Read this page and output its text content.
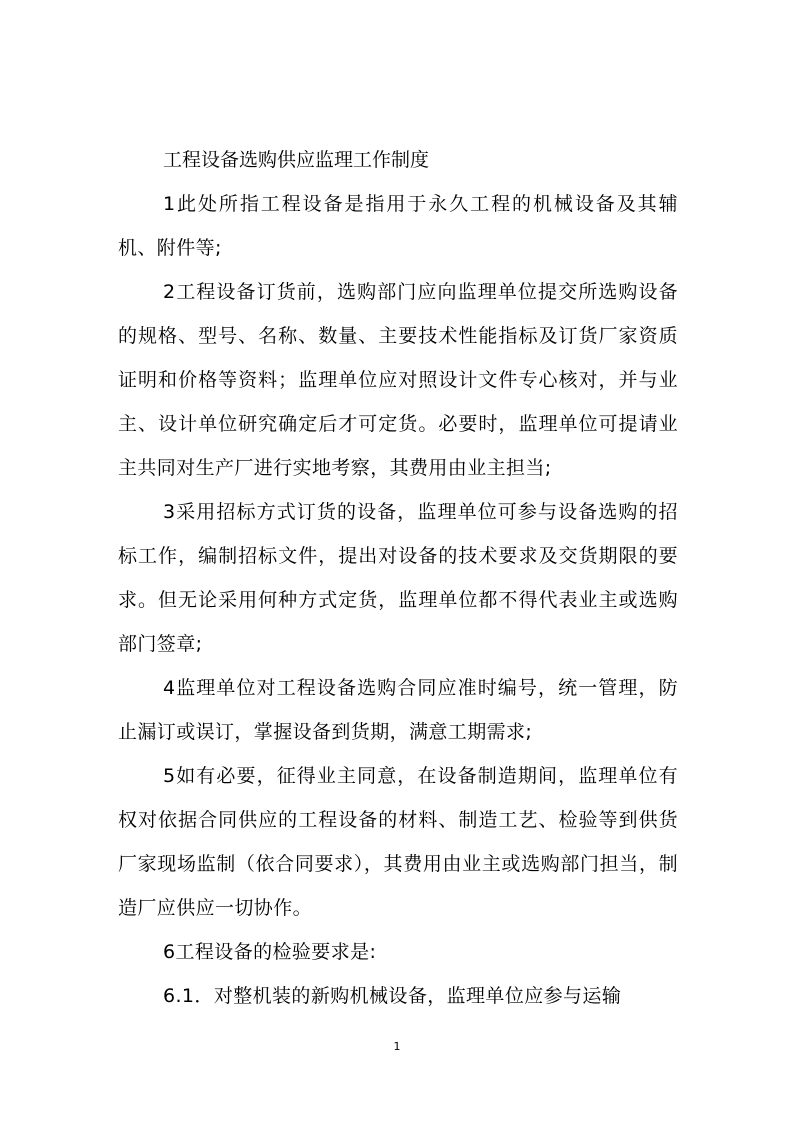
工程设备选购供应监理工作制度

1此处所指工程设备是指用于永久工程的机械设备及其辅机、附件等;

2工程设备订货前，选购部门应向监理单位提交所选购设备的规格、型号、名称、数量、主要技术性能指标及订货厂家资质证明和价格等资料；监理单位应对照设计文件专心核对，并与业主、设计单位研究确定后才可定货。必要时，监理单位可提请业主共同对生产厂进行实地考察，其费用由业主担当;

3采用招标方式订货的设备，监理单位可参与设备选购的招标工作，编制招标文件，提出对设备的技术要求及交货期限的要求。但无论采用何种方式定货，监理单位都不得代表业主或选购部门签章;

4监理单位对工程设备选购合同应准时编号，统一管理，防止漏订或误订，掌握设备到货期，满意工期需求;

5如有必要，征得业主同意，在设备制造期间，监理单位有权对依据合同供应的工程设备的材料、制造工艺、检验等到供货厂家现场监制（依合同要求），其费用由业主或选购部门担当，制造厂应供应一切协作。

6工程设备的检验要求是:

6.1．对整机装的新购机械设备，监理单位应参与运输

1
